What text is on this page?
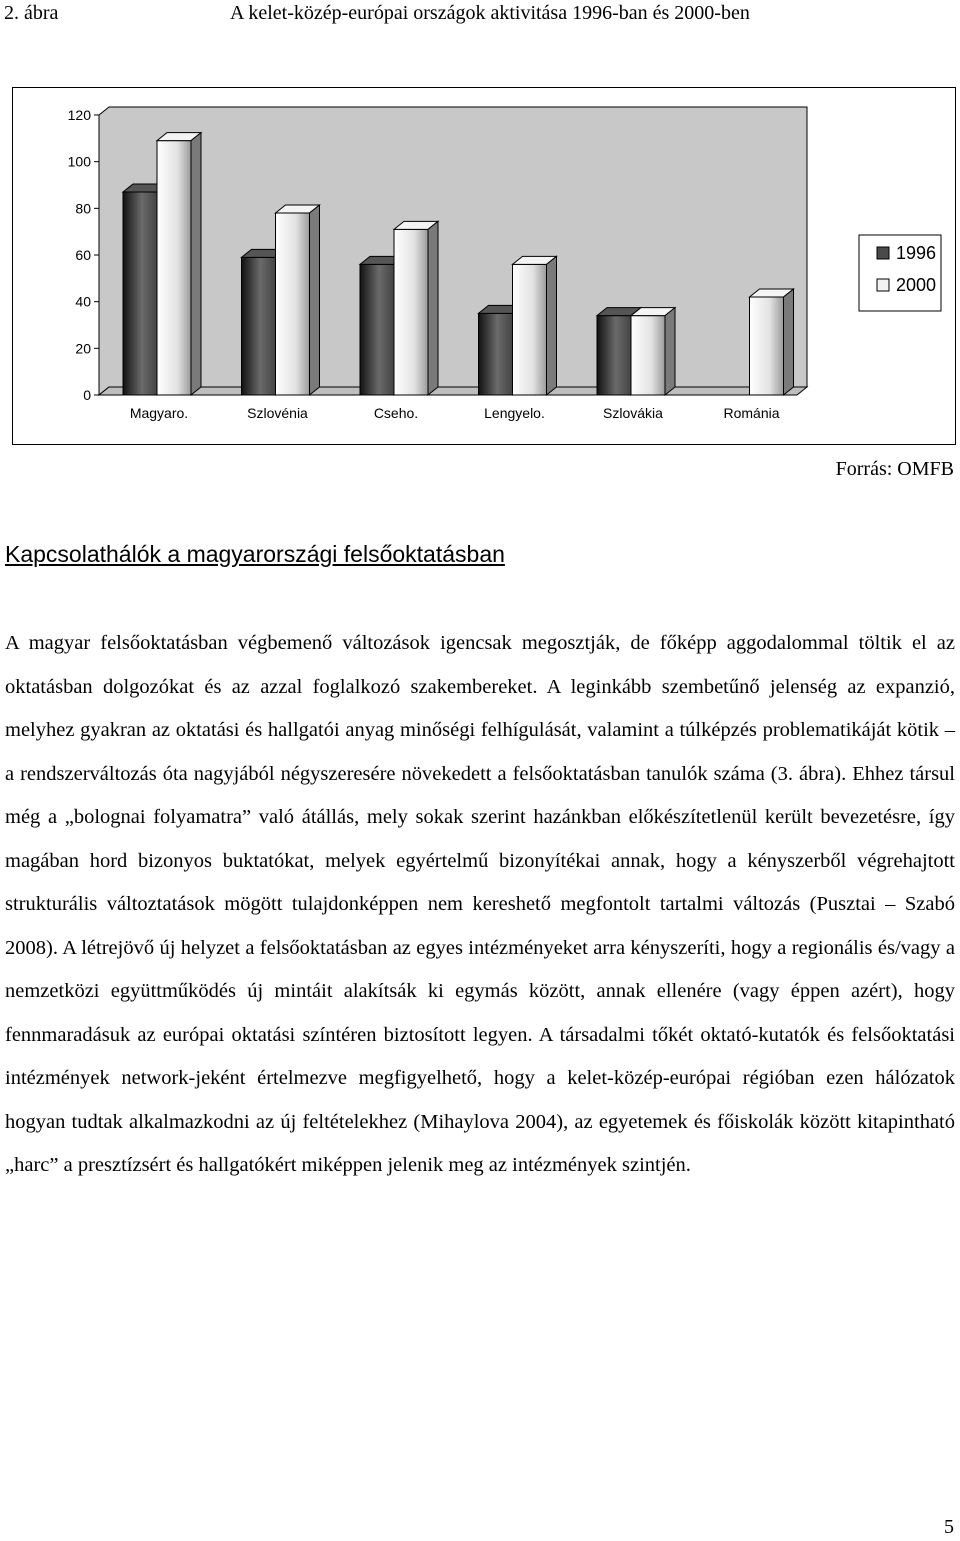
2. ábra	A kelet-közép-európai országok aktivitása 1996-ban és 2000-ben
0
20
40
60
80
100
120
Magyaro.	Szlovénia	Cseho.	Lengyelo.	Szlovákia	Románia
1996
2000
Forrás: OMFB
Kapcsolathálók a magyarországi felsőoktatásban

A magyar felsőoktatásban végbemenő változások igencsak megosztják, de főképp aggodalommal töltik el az oktatásban dolgozókat és az azzal foglalkozó szakembereket. A leginkább szembetűnő jelenség az expanzió, melyhez gyakran az oktatási és hallgatói anyag minőségi felhígulását, valamint a túlképzés problematikáját kötik – a rendszerváltozás óta nagyjából négyszeresére növekedett a felsőoktatásban tanulók száma (3. ábra). Ehhez társul még a „bolognai folyamatra” való átállás, mely sokak szerint hazánkban előkészítetlenül került bevezetésre, így magában hord bizonyos buktatókat, melyek egyértelmű bizonyítékai annak, hogy a kényszerből végrehajtott strukturális változtatások mögött tulajdonképpen nem kereshető megfontolt tartalmi változás (Pusztai – Szabó 2008). A létrejövő új helyzet a felsőoktatásban az egyes intézményeket arra kényszeríti, hogy a regionális és/vagy a nemzetközi együttműködés új mintáit alakítsák ki egymás között, annak ellenére (vagy éppen azért), hogy fennmaradásuk az európai oktatási színtéren biztosított legyen. A társadalmi tőkét oktató-kutatók és felsőoktatási intézmények network-jeként értelmezve megfigyelhető, hogy a kelet-közép-európai régióban ezen hálózatok hogyan tudtak alkalmazkodni az új feltételekhez (Mihaylova 2004), az egyetemek és főiskolák között kitapintható „harc” a presztízsért és hallgatókért miképpen jelenik meg az intézmények szintjén.

5
